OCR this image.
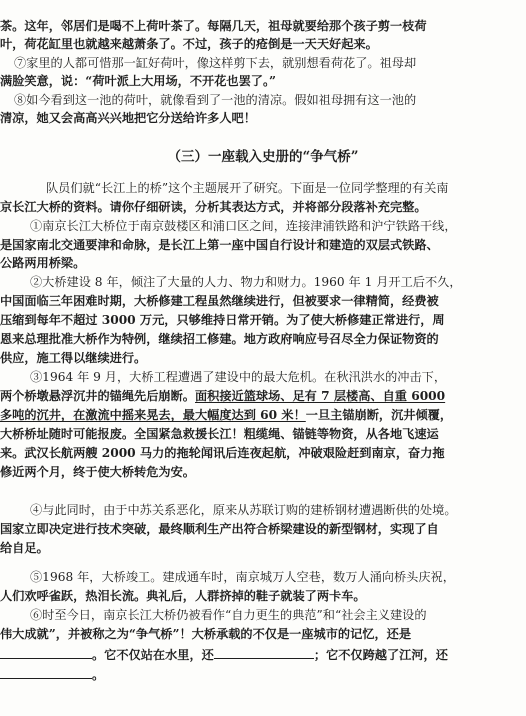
茶。这年，邻居们是喝不上荷叶茶了。每隔几天，祖母就要给那个孩子剪一枝荷
叶，荷花缸里也就越来越萧条了。不过，孩子的疮倒是一天天好起来。
⑦家里的人都可惜那一缸好荷叶，像这样剪下去，就别想看荷花了。祖母却
满脸笑意，说：“荷叶派上大用场，不开花也罢了。”
⑧如今看到这一池的荷叶，就像看到了一池的清凉。假如祖母拥有这一池的
清凉，她又会高高兴兴地把它分送给许多人吧！
（三）一座载入史册的“争气桥”
队员们就“长江上的桥”这个主题展开了研究。下面是一位同学整理的有关南
京长江大桥的资料。请你仔细研读，分析其表达方式，并将部分段落补充完整。
①南京长江大桥位于南京鼓楼区和浦口区之间，连接津浦铁路和沪宁铁路干线，
是国家南北交通要津和命脉，是长江上第一座中国自行设计和建造的双层式铁路、
公路两用桥梁。
②大桥建设 8 年，倾注了大量的人力、物力和财力。1960 年 1 月开工后不久，
中国面临三年困难时期，大桥修建工程虽然继续进行，但被要求一律精简，经费被
压缩到每年不超过 3000 万元，只够维持日常开销。为了使大桥修建正常进行，周
恩来总理批准大桥作为特例，继续招工修建。地方政府响应号召尽全力保证物资的
供应，施工得以继续进行。
③1964 年 9 月，大桥工程遭遇了建设中的最大危机。在秋汛洪水的冲击下，
两个桥墩悬浮沉井的锚绳先后崩断。面积接近篮球场、足有 7 层楼高、自重 6000
多吨的沉井，在激流中摇来晃去，最大幅度达到 60 米！一旦主锚崩断，沉井倾覆，
大桥桥址随时可能报废。全国紧急救援长江！粗缆绳、锚链等物资，从各地飞速运
来。武汉长航两艘 2000 马力的拖轮闻讯后连夜起航，冲破艰险赶到南京，奋力拖
修近两个月，终于使大桥转危为安。
④与此同时，由于中苏关系恶化，原来从苏联订购的建桥钢材遭遇断供的处境。
国家立即决定进行技术突破，最终顺利生产出符合桥梁建设的新型钢材，实现了自
给自足。
⑤1968 年，大桥竣工。建成通车时，南京城万人空巷，数万人涌向桥头庆祝，
人们欢呼雀跃，热泪长流。典礼后，人群挤掉的鞋子就装了两卡车。
⑥时至今日，南京长江大桥仍被看作“自力更生的典范”和“社会主义建设的
伟大成就”，并被称之为“争气桥”！大桥承载的不仅是一座城市的记忆，还是
。它不仅站在水里，还	；它不仅跨越了江河，还
。
